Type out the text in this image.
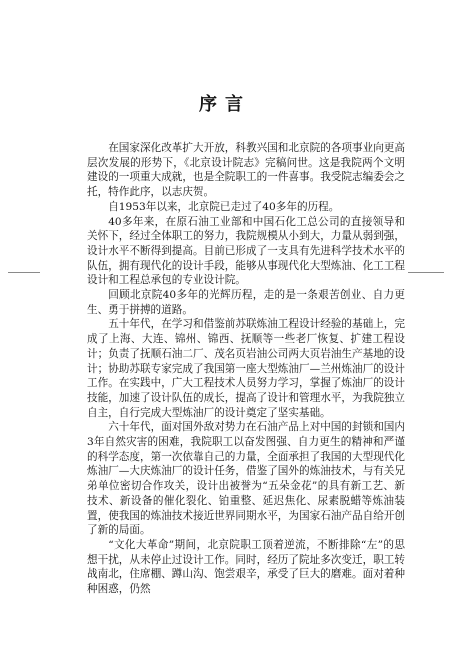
序言

在国家深化改革扩大开放，科教兴国和北京院的各项事业向更高层次发展的形势下，《北京设计院志》完稿问世。这是我院两个文明建设的一项重大成就，也是全院职工的一件喜事。我受院志编委会之托，特作此序，以志庆贺。

自1953年以来，北京院已走过了40多年的历程。

40多年来，在原石油工业部和中国石化工总公司的直接领导和关怀下，经过全体职工的努力，我院规模从小到大，力量从弱到强，设计水平不断得到提高。目前已形成了一支具有先进科学技术水平的队伍，拥有现代化的设计手段，能够从事现代化大型炼油、化工工程设计和工程总承包的专业设计院。

回顾北京院40多年的光辉历程，走的是一条艰苦创业、自力更生、勇于拼搏的道路。

五十年代，在学习和借鉴前苏联炼油工程设计经验的基础上，完成了上海、大连、锦州、锦西、抚顺等一些老厂恢复、扩建工程设计；负责了抚顺石油二厂、茂名页岩油公司两大页岩油生产基地的设计；协助苏联专家完成了我国第一座大型炼油厂—兰州炼油厂的设计工作。在实践中，广大工程技术人员努力学习，掌握了炼油厂的设计技能，加速了设计队伍的成长，提高了设计和管理水平，为我院独立自主，自行完成大型炼油厂的设计奠定了坚实基础。

六十年代，面对国外敌对势力在石油产品上对中国的封锁和国内3年自然灾害的困难，我院职工以奋发图强、自力更生的精神和严谨的科学态度，第一次依靠自己的力量，全面承担了我国的大型现代化炼油厂—大庆炼油厂的设计任务，借鉴了国外的炼油技术，与有关兄弟单位密切合作攻关，设计出被誉为“五朵金花”的具有新工艺、新技术、新设备的催化裂化、铂重整、延迟焦化、尿素脱蜡等炼油装置，使我国的炼油技术接近世界同期水平，为国家石油产品自给开创了新的局面。

“文化大革命”期间，北京院职工顶着逆流，不断排除“左”的思想干扰，从未停止过设计工作。同时，经历了院址多次变迁，职工转战南北，住席棚、蹲山沟、饱尝艰辛，承受了巨大的磨难。面对着种种困惑，仍然
